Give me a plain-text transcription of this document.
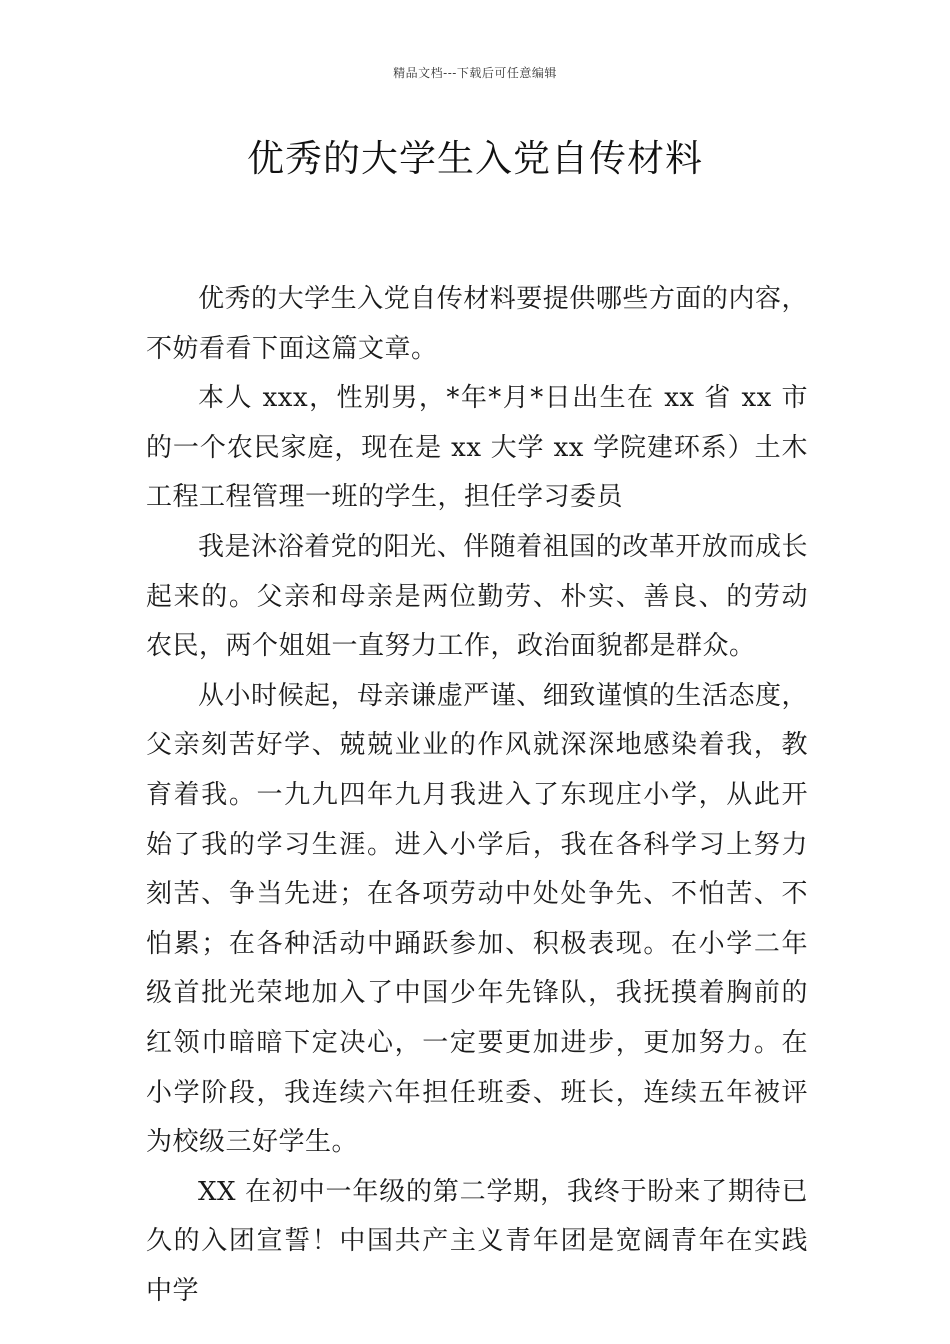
精品文档---下载后可任意编辑
优秀的大学生入党自传材料

优秀的大学生入党自传材料要提供哪些方面的内容，不妨看看下面这篇文章。

本人 xxx，性别男，*年*月*日出生在 xx 省 xx 市的一个农民家庭，现在是 xx 大学 xx 学院建环系）土木工程工程管理一班的学生，担任学习委员

我是沐浴着党的阳光、伴随着祖国的改革开放而成长起来的。父亲和母亲是两位勤劳、朴实、善良、的劳动农民，两个姐姐一直努力工作，政治面貌都是群众。

从小时候起，母亲谦虚严谨、细致谨慎的生活态度，父亲刻苦好学、兢兢业业的作风就深深地感染着我，教育着我。一九九四年九月我进入了东现庄小学，从此开始了我的学习生涯。进入小学后，我在各科学习上努力刻苦、争当先进；在各项劳动中处处争先、不怕苦、不怕累；在各种活动中踊跃参加、积极表现。在小学二年级首批光荣地加入了中国少年先锋队，我抚摸着胸前的红领巾暗暗下定决心，一定要更加进步，更加努力。在小学阶段，我连续六年担任班委、班长，连续五年被评为校级三好学生。

XX 在初中一年级的第二学期，我终于盼来了期待已久的入团宣誓！中国共产主义青年团是宽阔青年在实践中学
